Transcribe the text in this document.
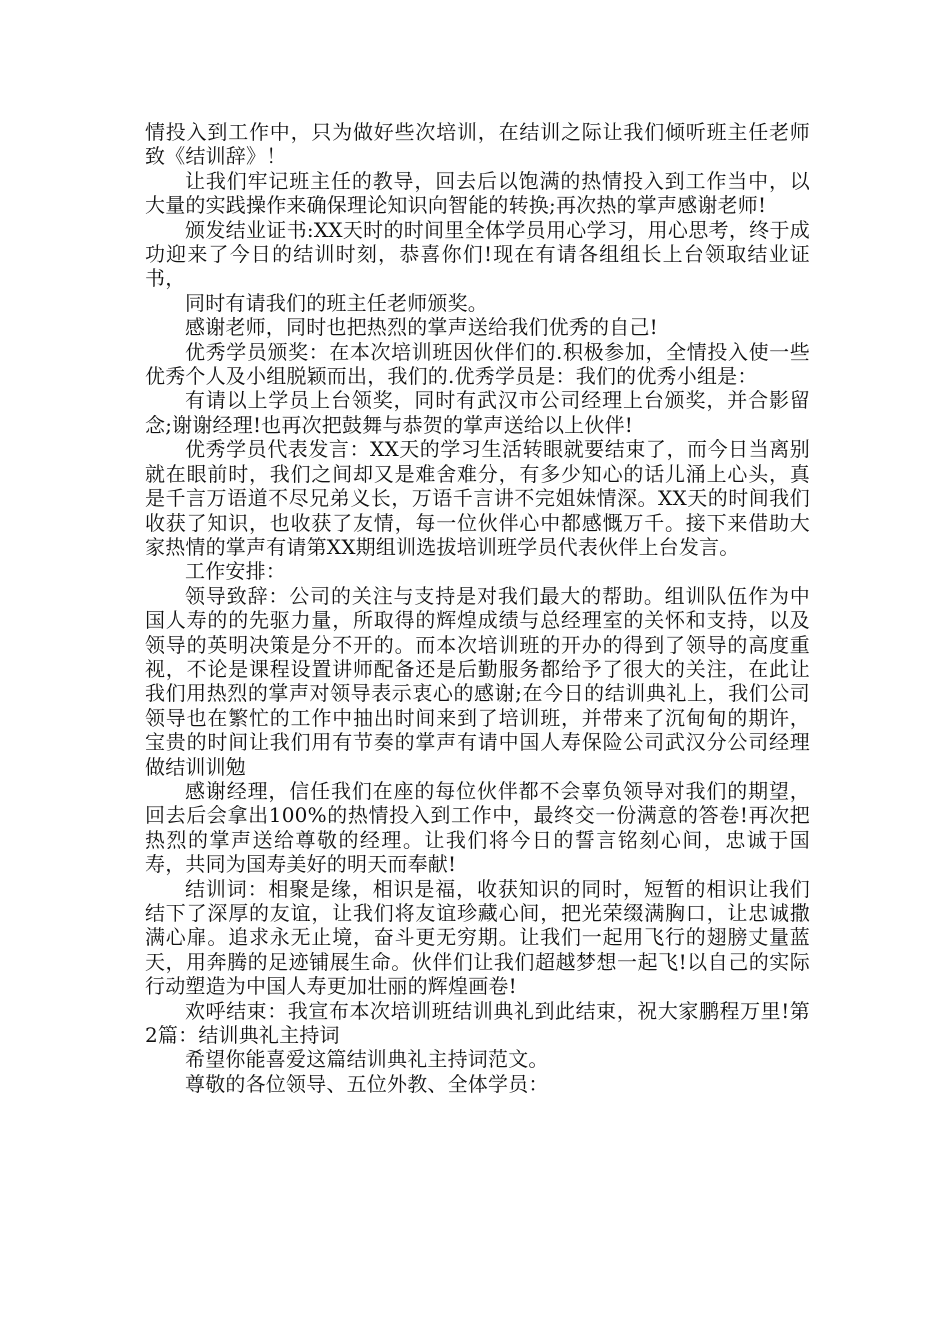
情投入到工作中，只为做好些次培训，在结训之际让我们倾听班主任老师致《结训辞》！

让我们牢记班主任的教导，回去后以饱满的热情投入到工作当中，以大量的实践操作来确保理论知识向智能的转换;再次热的掌声感谢老师!

颁发结业证书:XX天时的时间里全体学员用心学习，用心思考，终于成功迎来了今日的结训时刻，恭喜你们!现在有请各组组长上台领取结业证书，

同时有请我们的班主任老师颁奖。

感谢老师，同时也把热烈的掌声送给我们优秀的自己!

优秀学员颁奖：在本次培训班因伙伴们的.积极参加，全情投入使一些优秀个人及小组脱颖而出，我们的.优秀学员是：我们的优秀小组是：

有请以上学员上台领奖，同时有武汉市公司经理上台颁奖，并合影留念;谢谢经理!也再次把鼓舞与恭贺的掌声送给以上伙伴!

优秀学员代表发言：XX天的学习生活转眼就要结束了，而今日当离别就在眼前时，我们之间却又是难舍难分，有多少知心的话儿涌上心头，真是千言万语道不尽兄弟义长，万语千言讲不完姐妹情深。XX天的时间我们收获了知识，也收获了友情，每一位伙伴心中都感慨万千。接下来借助大家热情的掌声有请第XX期组训选拔培训班学员代表伙伴上台发言。

工作安排：

领导致辞：公司的关注与支持是对我们最大的帮助。组训队伍作为中国人寿的的先驱力量，所取得的辉煌成绩与总经理室的关怀和支持，以及领导的英明决策是分不开的。而本次培训班的开办的得到了领导的高度重视，不论是课程设置讲师配备还是后勤服务都给予了很大的关注，在此让我们用热烈的掌声对领导表示衷心的感谢;在今日的结训典礼上，我们公司领导也在繁忙的工作中抽出时间来到了培训班，并带来了沉甸甸的期许，宝贵的时间让我们用有节奏的掌声有请中国人寿保险公司武汉分公司经理做结训训勉

感谢经理，信任我们在座的每位伙伴都不会辜负领导对我们的期望，回去后会拿出100%的热情投入到工作中，最终交一份满意的答卷!再次把热烈的掌声送给尊敬的经理。让我们将今日的誓言铭刻心间，忠诚于国寿，共同为国寿美好的明天而奉献!

结训词：相聚是缘，相识是福，收获知识的同时，短暂的相识让我们结下了深厚的友谊，让我们将友谊珍藏心间，把光荣缀满胸口，让忠诚撒满心扉。追求永无止境，奋斗更无穷期。让我们一起用飞行的翅膀丈量蓝天，用奔腾的足迹铺展生命。伙伴们让我们超越梦想一起飞!以自己的实际行动塑造为中国人寿更加壮丽的辉煌画卷!

欢呼结束：我宣布本次培训班结训典礼到此结束，祝大家鹏程万里!第2篇：结训典礼主持词

希望你能喜爱这篇结训典礼主持词范文。

尊敬的各位领导、五位外教、全体学员：
